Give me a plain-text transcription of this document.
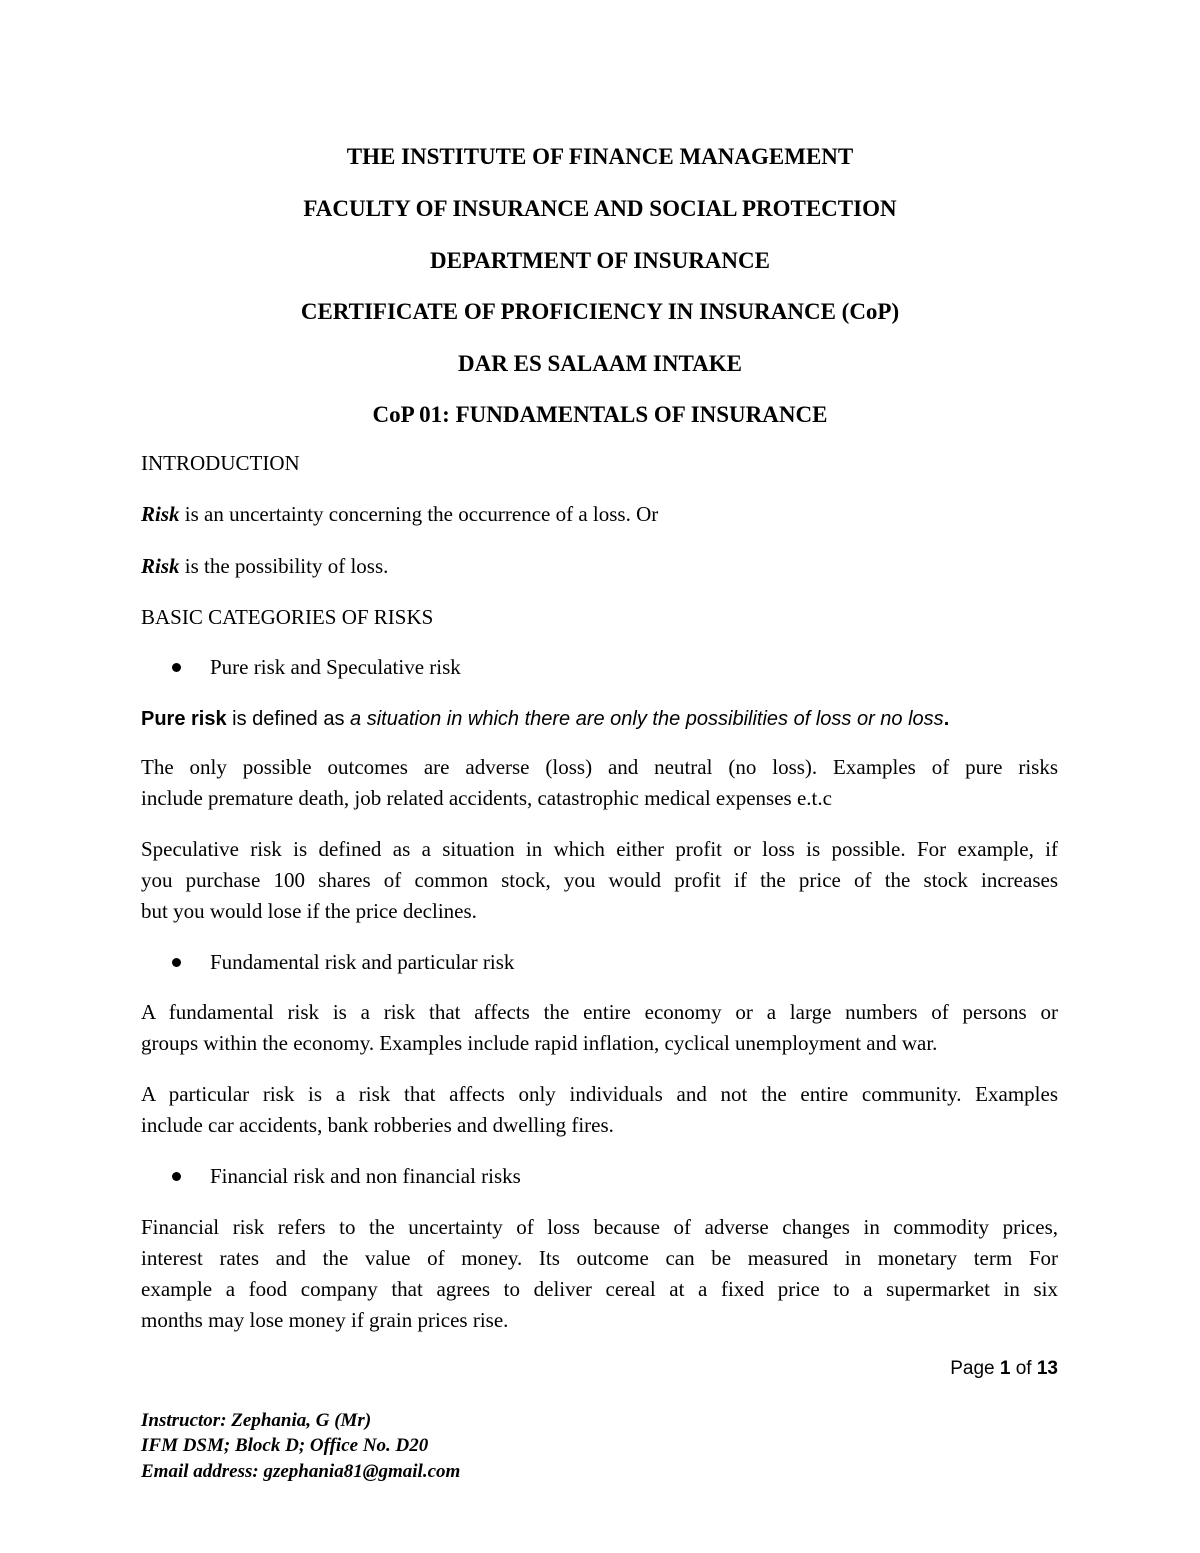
THE INSTITUTE OF FINANCE MANAGEMENT
FACULTY OF INSURANCE AND SOCIAL PROTECTION
DEPARTMENT OF INSURANCE
CERTIFICATE OF PROFICIENCY IN INSURANCE (CoP)
DAR ES SALAAM INTAKE
CoP 01: FUNDAMENTALS OF INSURANCE
INTRODUCTION
Risk is an uncertainty concerning the occurrence of a loss. Or
Risk is the possibility of loss.
BASIC CATEGORIES OF RISKS
Pure risk and Speculative risk
Pure risk is defined as a situation in which there are only the possibilities of loss or no loss.
The only possible outcomes are adverse (loss) and neutral (no loss). Examples of pure risks
include premature death, job related accidents, catastrophic medical expenses e.t.c
Speculative risk is defined as a situation in which either profit or loss is possible. For example, if
you purchase 100 shares of common stock, you would profit if the price of the stock increases
but you would lose if the price declines.
Fundamental risk and particular risk
A fundamental risk is a risk that affects the entire economy or a large numbers of persons or
groups within the economy. Examples include rapid inflation, cyclical unemployment and war.
A particular risk is a risk that affects only individuals and not the entire community. Examples
include car accidents, bank robberies and dwelling fires.
Financial risk and non financial risks
Financial risk refers to the uncertainty of loss because of adverse changes in commodity prices,
interest rates and the value of money. Its outcome can be measured in monetary term For
example a food company that agrees to deliver cereal at a fixed price to a supermarket in six
months may lose money if grain prices rise.
Page 1 of 13
Instructor: Zephania, G (Mr)
IFM DSM; Block D; Office No. D20
Email address: gzephania81@gmail.com
